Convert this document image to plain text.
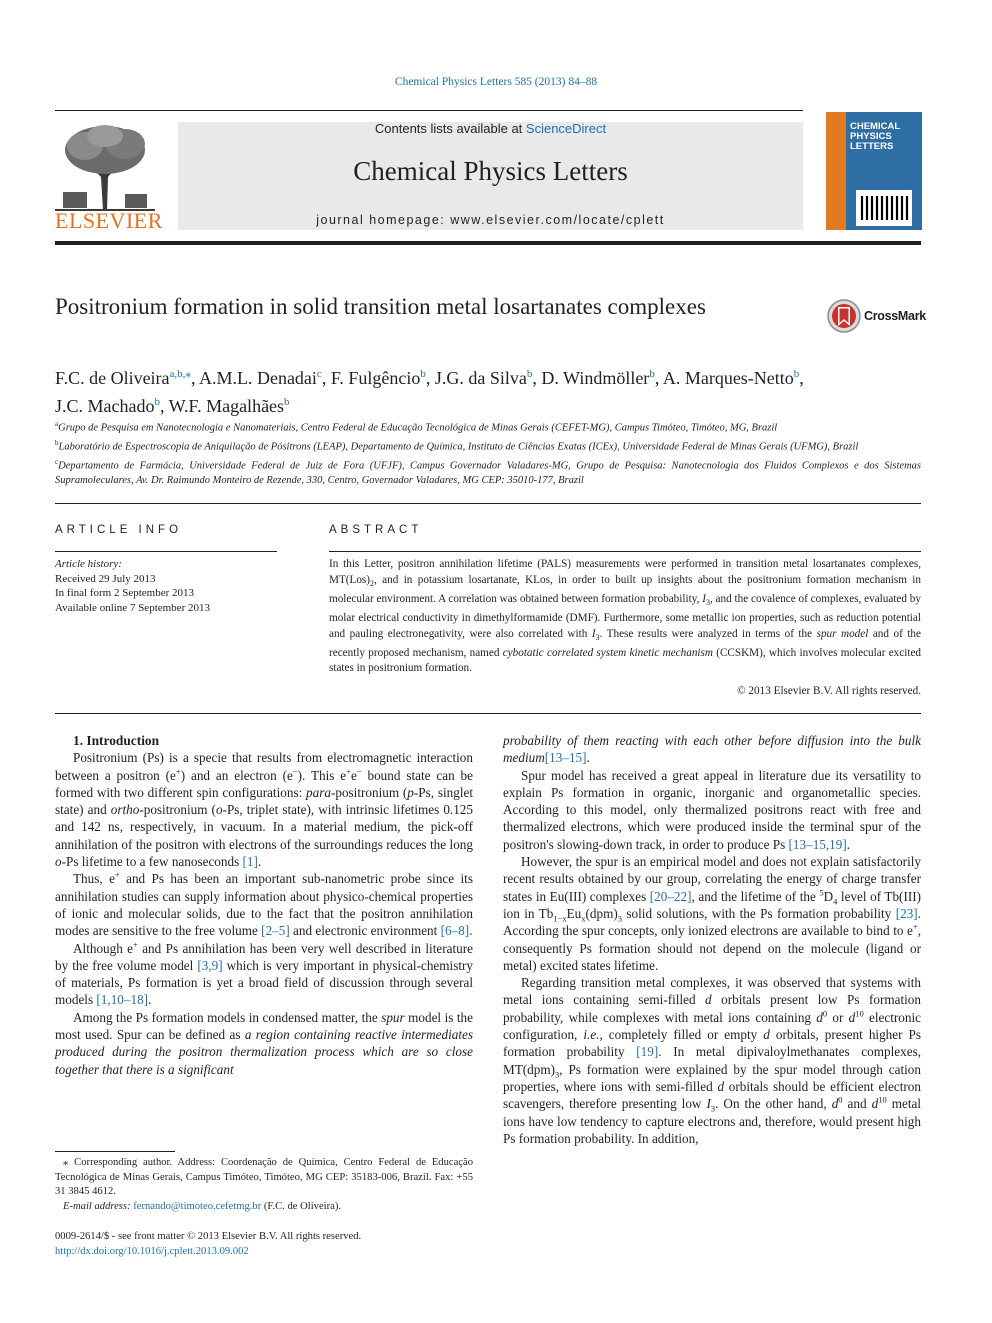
Chemical Physics Letters 585 (2013) 84–88
ELSEVIER
Contents lists available at ScienceDirect
Chemical Physics Letters
journal homepage: www.elsevier.com/locate/cplett
CHEMICAL PHYSICS LETTERS
Positronium formation in solid transition metal losartanates complexes	CrossMark
F.C. de Oliveira$^{a,b,⁎}$, A.M.L. Denadai$^c$, F. Fulgêncio$^b$, J.G. da Silva$^b$, D. Windmöller$^b$, A. Marques-Netto$^b$,
J.C. Machado$^b$, W.F. Magalhães$^b$
$^a$Grupo de Pesquisa em Nanotecnologia e Nanomateriais, Centro Federal de Educação Tecnológica de Minas Gerais (CEFET-MG), Campus Timóteo, Timóteo, MG, Brazil
$^b$Laboratório de Espectroscopia de Aniquilação de Pósitrons (LEAP), Departamento de Química, Instituto de Ciências Exatas (ICEx), Universidade Federal de Minas Gerais (UFMG), Brazil
$^c$Departamento de Farmácia, Universidade Federal de Juiz de Fora (UFJF), Campus Governador Valadares-MG, Grupo de Pesquisa: Nanotecnologia dos Fluidos Complexos e dos Sistemas Supramoleculares, Av. Dr. Raimundo Monteiro de Rezende, 330, Centro, Governador Valadares, MG CEP: 35010-177, Brazil
ARTICLE INFO
Article history:
Received 29 July 2013
In final form 2 September 2013
Available online 7 September 2013
ABSTRACT
In this Letter, positron annihilation lifetime (PALS) measurements were performed in transition metal losartanates complexes, $MT(Los)_2$, and in potassium losartanate, KLos, in order to built up insights about the positronium formation mechanism in molecular environment. A correlation was obtained between formation probability, $I_3$, and the covalence of complexes, evaluated by molar electrical conductivity in dimethylformamide (DMF). Furthermore, some metallic ion properties, such as reduction potential and pauling electronegativity, were also correlated with $I_3$. These results were analyzed in terms of the spur model and of the recently proposed mechanism, named cybotatic correlated system kinetic mechanism (CCSKM), which involves molecular excited states in positronium formation.
© 2013 Elsevier B.V. All rights reserved.

1. Introduction

Positronium (Ps) is a specie that results from electromagnetic interaction between a positron (e+) and an electron (e−). This e+e− bound state can be formed with two different spin configurations: para-positronium (p-Ps, singlet state) and ortho-positronium (o-Ps, triplet state), with intrinsic lifetimes 0.125 and 142 ns, respectively, in vacuum. In a material medium, the pick-off annihilation of the positron with electrons of the surroundings reduces the long o-Ps lifetime to a few nanoseconds [1].

Thus, e+ and Ps has been an important sub-nanometric probe since its annihilation studies can supply information about physico-chemical properties of ionic and molecular solids, due to the fact that the positron annihilation modes are sensitive to the free volume [2–5] and electronic environment [6–8].

Although e+ and Ps annihilation has been very well described in literature by the free volume model [3,9] which is very important in physical-chemistry of materials, Ps formation is yet a broad field of discussion through several models [1,10–18].

Among the Ps formation models in condensed matter, the spur model is the most used. Spur can be defined as a region containing reactive intermediates produced during the positron thermalization process which are so close together that there is a significant

⁎ Corresponding author. Address: Coordenação de Química, Centro Federal de Educação Tecnológica de Minas Gerais, Campus Timóteo, Timóteo, MG CEP: 35183-006, Brazil. Fax: +55 31 3845 4612.
E-mail address: fernando@timoteo.cefetmg.br (F.C. de Oliveira).
0009-2614/$ - see front matter © 2013 Elsevier B.V. All rights reserved.
http://dx.doi.org/10.1016/j.cplett.2013.09.002

probability of them reacting with each other before diffusion into the bulk medium[13–15].

Spur model has received a great appeal in literature due its versatility to explain Ps formation in organic, inorganic and organometallic species. According to this model, only thermalized positrons react with free and thermalized electrons, which were produced inside the terminal spur of the positron's slowing-down track, in order to produce Ps [13–15,19].

However, the spur is an empirical model and does not explain satisfactorily recent results obtained by our group, correlating the energy of charge transfer states in Eu(III) complexes [20–22], and the lifetime of the $^5D_4$ level of Tb(III) ion in $Tb_{1-x}Eu_x(dpm)_3$ solid solutions, with the Ps formation probability [23]. According the spur concepts, only ionized electrons are available to bind to e+, consequently Ps formation should not depend on the molecule (ligand or metal) excited states lifetime.

Regarding transition metal complexes, it was observed that systems with metal ions containing semi-filled d orbitals present low Ps formation probability, while complexes with metal ions containing $d^0$ or $d^{10}$ electronic configuration, i.e., completely filled or empty d orbitals, present higher Ps formation probability [19]. In metal dipivaloylmethanates complexes, $MT(dpm)_3$, Ps formation were explained by the spur model through cation properties, where ions with semi-filled d orbitals should be efficient electron scavengers, therefore presenting low $I_3$. On the other hand, $d^0$ and $d^{10}$ metal ions have low tendency to capture electrons and, therefore, would present high Ps formation probability. In addition,
